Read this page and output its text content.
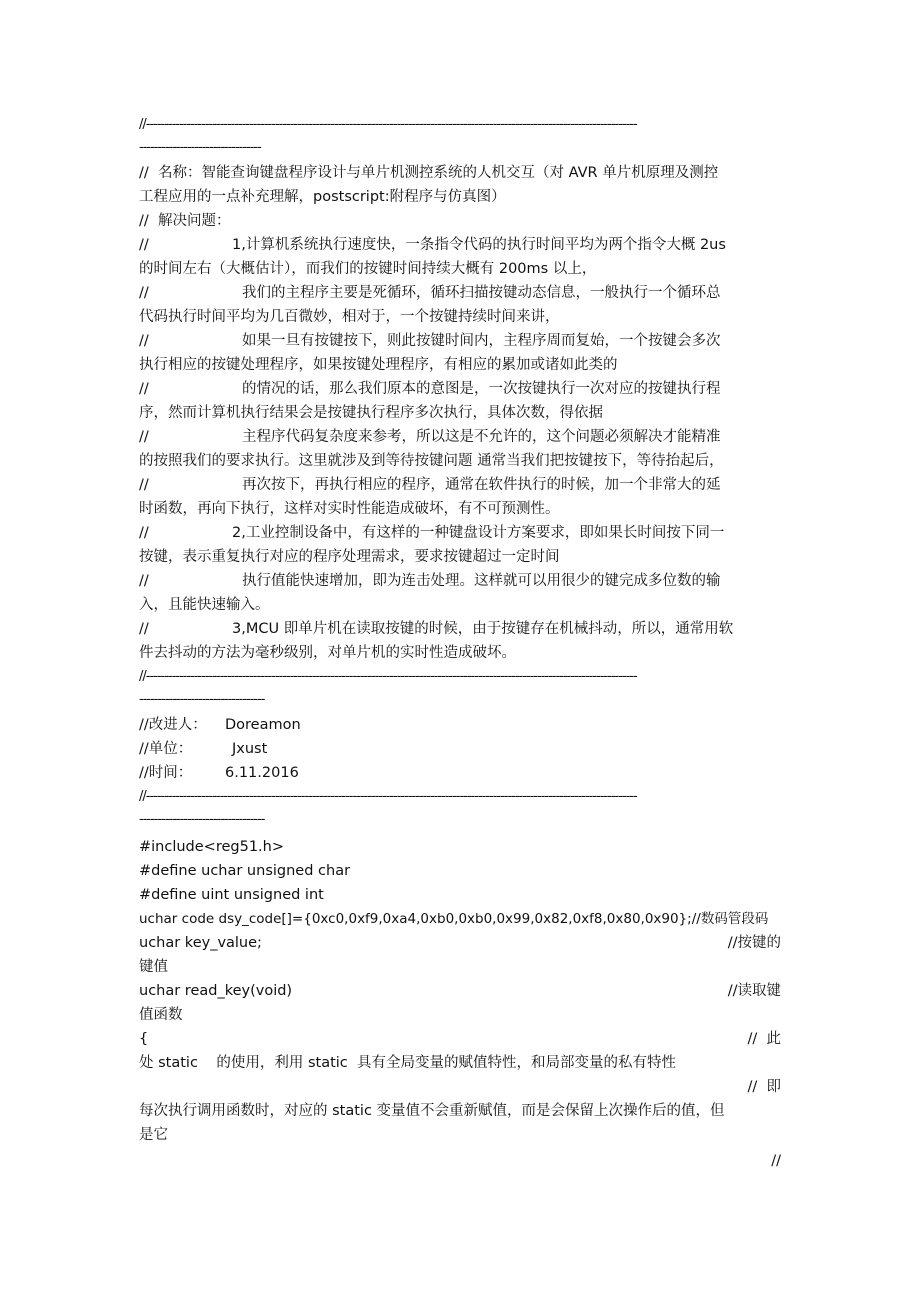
//-------------------------------------------------------------------------------------------------------------------------------------
---------------------------------
//  名称：智能查询键盘程序设计与单片机测控系统的人机交互（对 AVR 单片机原理及测控
工程应用的一点补充理解，postscript:附程序与仿真图）
//  解决问题：
//	1,计算机系统执行速度快，一条指令代码的执行时间平均为两个指令大概 2us
的时间左右（大概估计），而我们的按键时间持续大概有 200ms 以上，
//	我们的主程序主要是死循环，循环扫描按键动态信息，一般执行一个循环总
代码执行时间平均为几百微妙，相对于，一个按键持续时间来讲，
//	如果一旦有按键按下，则此按键时间内，主程序周而复始，一个按键会多次
执行相应的按键处理程序，如果按键处理程序，有相应的累加或诸如此类的
//	的情况的话，那么我们原本的意图是，一次按键执行一次对应的按键执行程
序，然而计算机执行结果会是按键执行程序多次执行，具体次数，得依据
//	主程序代码复杂度来参考，所以这是不允许的，这个问题必须解决才能精准
的按照我们的要求执行。这里就涉及到等待按键问题 通常当我们把按键按下，等待抬起后，
//	再次按下，再执行相应的程序，通常在软件执行的时候，加一个非常大的延
时函数，再向下执行，这样对实时性能造成破坏，有不可预测性。
//	2,工业控制设备中，有这样的一种键盘设计方案要求，即如果长时间按下同一
按键，表示重复执行对应的程序处理需求，要求按键超过一定时间
//	执行值能快速增加，即为连击处理。这样就可以用很少的键完成多位数的输
入，且能快速输入。
//	3,MCU 即单片机在读取按键的时候，由于按键存在机械抖动，所以，通常用软
件去抖动的方法为毫秒级别，对单片机的实时性造成破坏。
//-------------------------------------------------------------------------------------------------------------------------------------
----------------------------------
//改进人：	Doreamon
//单位：	Jxust
//时间：	6.11.2016
//-------------------------------------------------------------------------------------------------------------------------------------
----------------------------------
#include<reg51.h>
#define uchar unsigned char
#define uint unsigned int
uchar code dsy_code[]={0xc0,0xf9,0xa4,0xb0,0xb0,0x99,0x82,0xf8,0x80,0x90};//数码管段码
uchar key_value;	//按键的
键值
uchar read_key(void)	//读取键
值函数
{	//  此
处 static    的使用，利用 static  具有全局变量的赋值特性，和局部变量的私有特性
//  即
每次执行调用函数时，对应的 static 变量值不会重新赋值，而是会保留上次操作后的值，但
是它
//
